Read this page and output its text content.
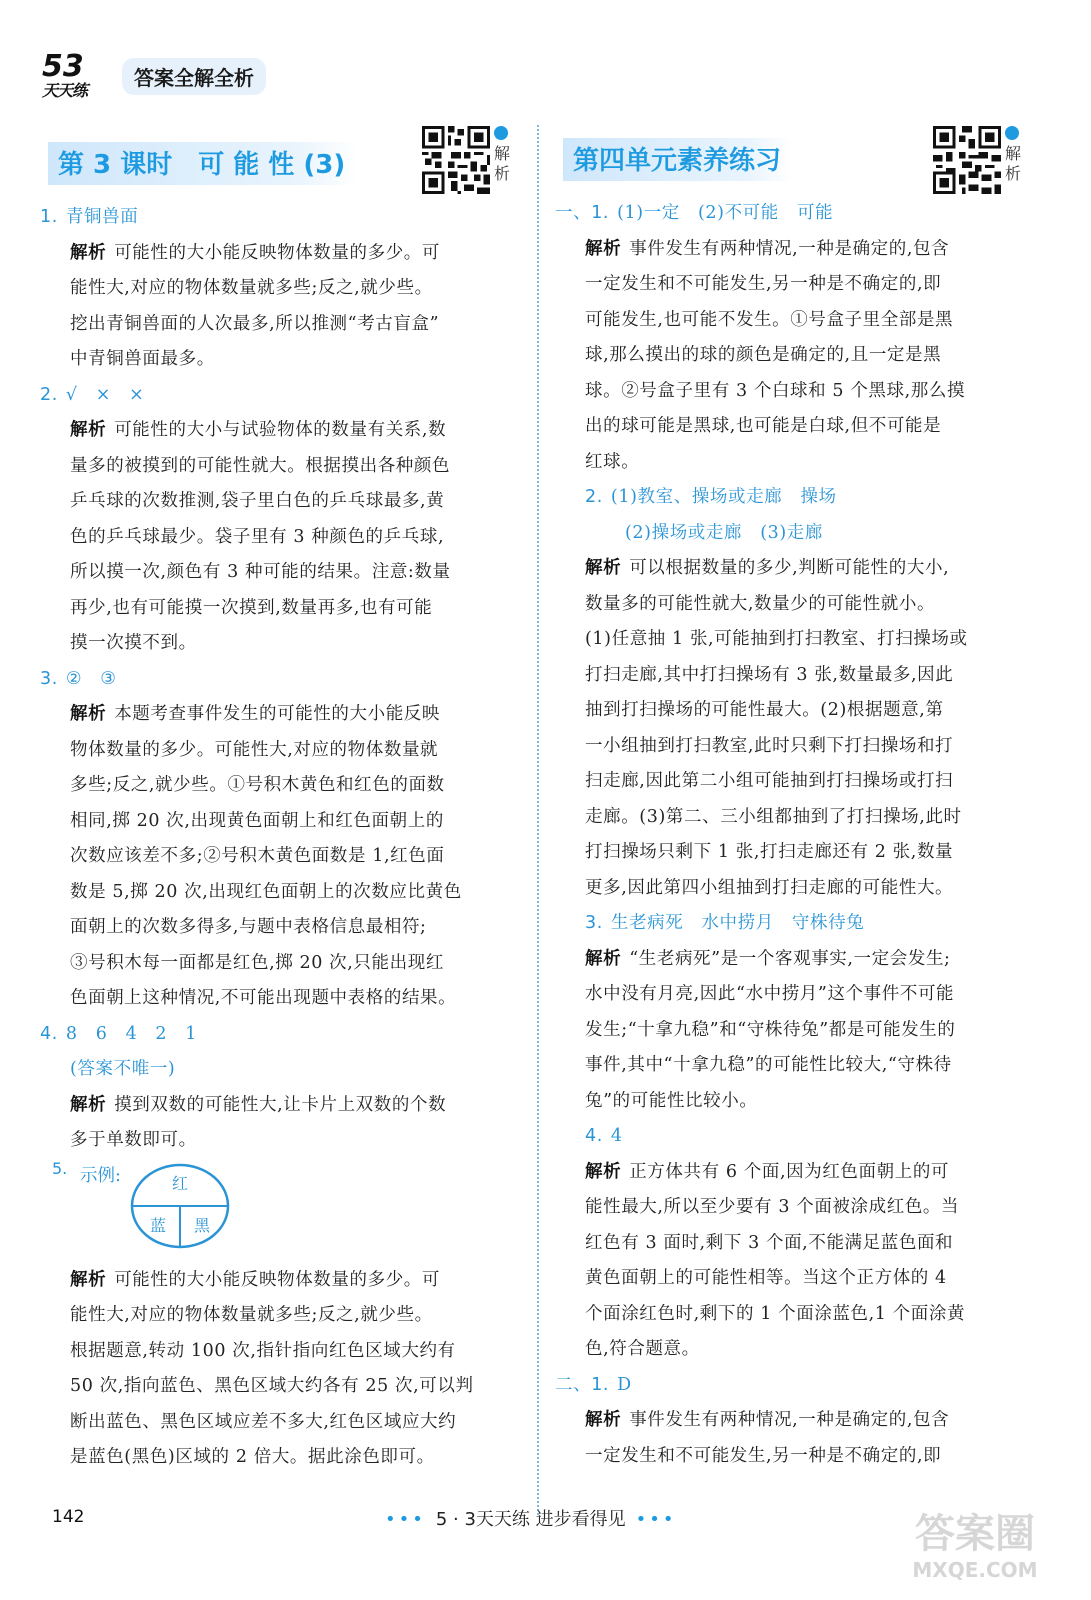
53
天天练
答案全解全析
第 3 课时　可 能 性 (3)	解析
1. 青铜兽面
解析 可能性的大小能反映物体数量的多少。可
能性大,对应的物体数量就多些;反之,就少些。
挖出青铜兽面的人次最多,所以推测“考古盲盒”
中青铜兽面最多。
2. √　×　×
解析 可能性的大小与试验物体的数量有关系,数
量多的被摸到的可能性就大。根据摸出各种颜色
乒乓球的次数推测,袋子里白色的乒乓球最多,黄
色的乒乓球最少。袋子里有 3 种颜色的乒乓球,
所以摸一次,颜色有 3 种可能的结果。注意:数量
再少,也有可能摸一次摸到,数量再多,也有可能
摸一次摸不到。
3. ②　③
解析 本题考查事件发生的可能性的大小能反映
物体数量的多少。可能性大,对应的物体数量就
多些;反之,就少些。①号积木黄色和红色的面数
相同,掷 20 次,出现黄色面朝上和红色面朝上的
次数应该差不多;②号积木黄色面数是 1,红色面
数是 5,掷 20 次,出现红色面朝上的次数应比黄色
面朝上的次数多得多,与题中表格信息最相符;
③号积木每一面都是红色,掷 20 次,只能出现红
色面朝上这种情况,不可能出现题中表格的结果。
4. 8　6　4　2　1
(答案不唯一)
解析 摸到双数的可能性大,让卡片上双数的个数
多于单数即可。
5. 示例:	红
蓝 黑
解析 可能性的大小能反映物体数量的多少。可
能性大,对应的物体数量就多些;反之,就少些。
根据题意,转动 100 次,指针指向红色区域大约有
50 次,指向蓝色、黑色区域大约各有 25 次,可以判
断出蓝色、黑色区域应差不多大,红色区域应大约
是蓝色(黑色)区域的 2 倍大。据此涂色即可。
第四单元素养练习	解析
一、1. (1)一定　(2)不可能　可能
解析 事件发生有两种情况,一种是确定的,包含
一定发生和不可能发生,另一种是不确定的,即
可能发生,也可能不发生。①号盒子里全部是黑
球,那么摸出的球的颜色是确定的,且一定是黑
球。②号盒子里有 3 个白球和 5 个黑球,那么摸
出的球可能是黑球,也可能是白球,但不可能是
红球。
2. (1)教室、操场或走廊　操场
(2)操场或走廊　(3)走廊
解析 可以根据数量的多少,判断可能性的大小,
数量多的可能性就大,数量少的可能性就小。
(1)任意抽 1 张,可能抽到打扫教室、打扫操场或
打扫走廊,其中打扫操场有 3 张,数量最多,因此
抽到打扫操场的可能性最大。(2)根据题意,第
一小组抽到打扫教室,此时只剩下打扫操场和打
扫走廊,因此第二小组可能抽到打扫操场或打扫
走廊。(3)第二、三小组都抽到了打扫操场,此时
打扫操场只剩下 1 张,打扫走廊还有 2 张,数量
更多,因此第四小组抽到打扫走廊的可能性大。
3. 生老病死　水中捞月　守株待兔
解析 “生老病死”是一个客观事实,一定会发生;
水中没有月亮,因此“水中捞月”这个事件不可能
发生;“十拿九稳”和“守株待兔”都是可能发生的
事件,其中“十拿九稳”的可能性比较大,“守株待
兔”的可能性比较小。
4. 4
解析 正方体共有 6 个面,因为红色面朝上的可
能性最大,所以至少要有 3 个面被涂成红色。当
红色有 3 面时,剩下 3 个面,不能满足蓝色面和
黄色面朝上的可能性相等。当这个正方体的 4
个面涂红色时,剩下的 1 个面涂蓝色,1 个面涂黄
色,符合题意。
二、1. D
解析 事件发生有两种情况,一种是确定的,包含
一定发生和不可能发生,另一种是不确定的,即
142	••• 5 · 3天天练 进步看得见 •••	答案圈
MXQE.COM
